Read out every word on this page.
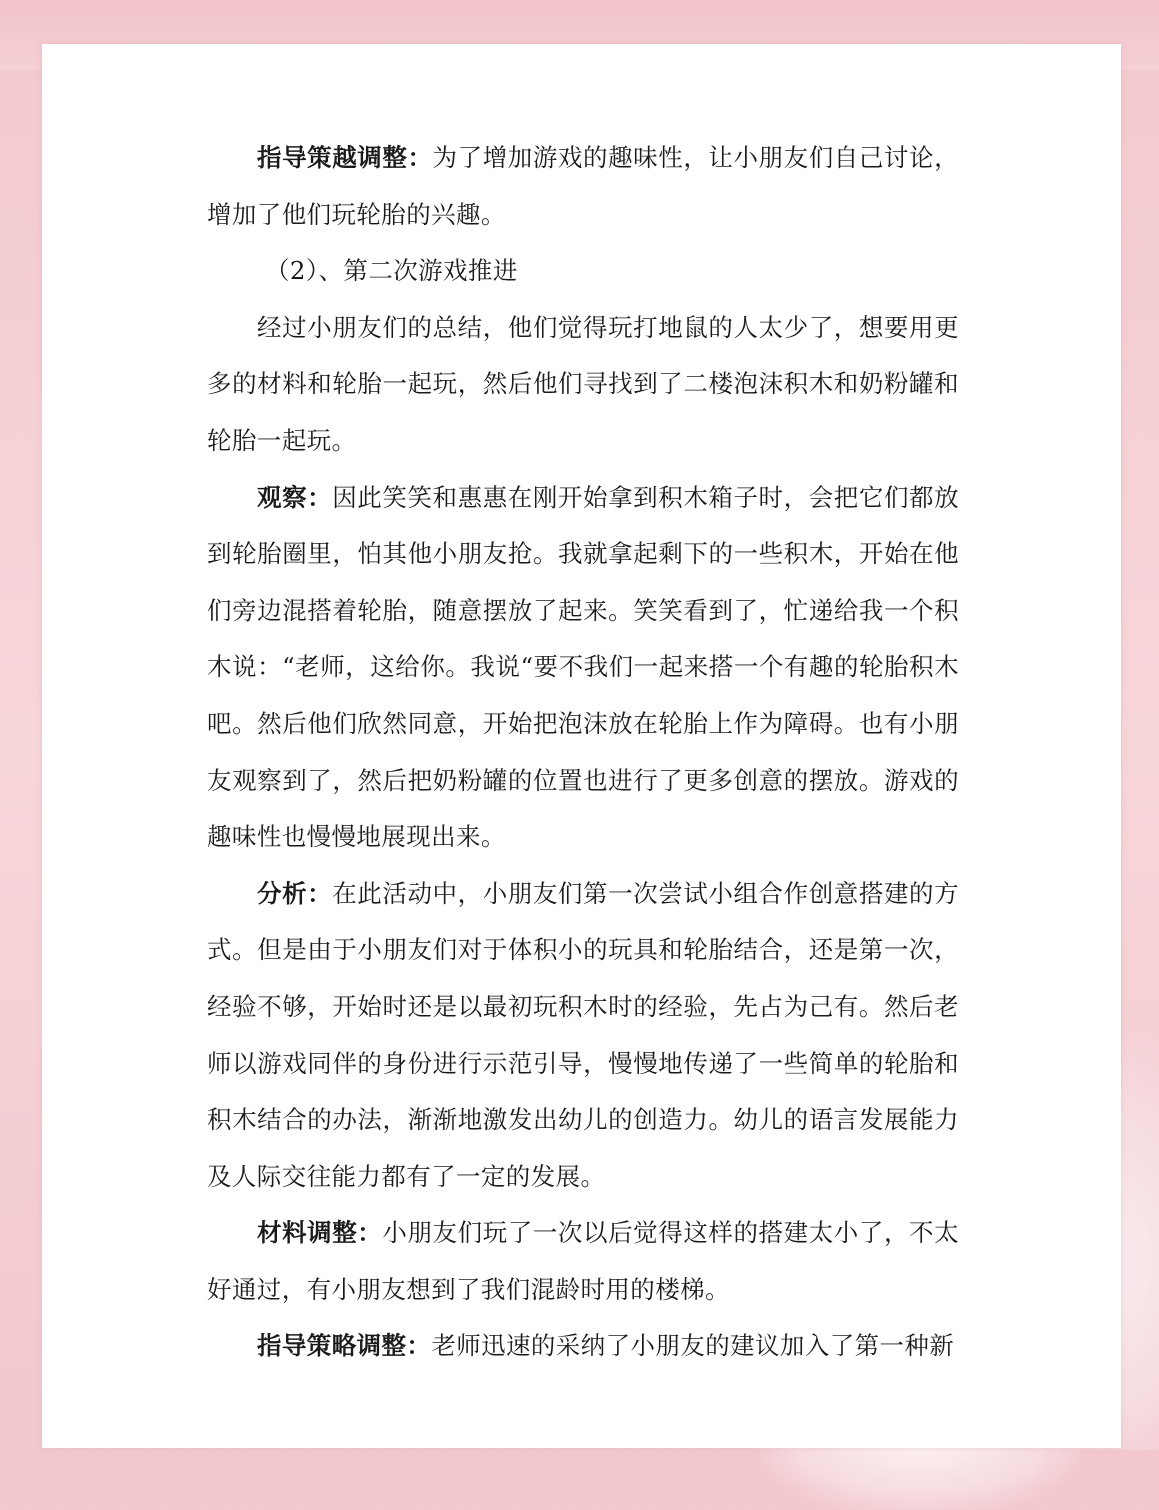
指导策越调整：为了增加游戏的趣味性，让小朋友们自己讨论，增加了他们玩轮胎的兴趣。

（2）、第二次游戏推进

经过小朋友们的总结，他们觉得玩打地鼠的人太少了，想要用更多的材料和轮胎一起玩，然后他们寻找到了二楼泡沫积木和奶粉罐和轮胎一起玩。

观察：因此笑笑和惠惠在刚开始拿到积木箱子时，会把它们都放到轮胎圈里，怕其他小朋友抢。我就拿起剩下的一些积木，开始在他们旁边混搭着轮胎，随意摆放了起来。笑笑看到了，忙递给我一个积木说：“老师，这给你。我说“要不我们一起来搭一个有趣的轮胎积木吧。然后他们欣然同意，开始把泡沫放在轮胎上作为障碍。也有小朋友观察到了，然后把奶粉罐的位置也进行了更多创意的摆放。游戏的趣味性也慢慢地展现出来。

分析：在此活动中，小朋友们第一次尝试小组合作创意搭建的方式。但是由于小朋友们对于体积小的玩具和轮胎结合，还是第一次，经验不够，开始时还是以最初玩积木时的经验，先占为己有。然后老师以游戏同伴的身份进行示范引导，慢慢地传递了一些简单的轮胎和积木结合的办法，渐渐地激发出幼儿的创造力。幼儿的语言发展能力及人际交往能力都有了一定的发展。

材料调整：小朋友们玩了一次以后觉得这样的搭建太小了，不太好通过，有小朋友想到了我们混龄时用的楼梯。

指导策略调整：老师迅速的采纳了小朋友的建议加入了第一种新
